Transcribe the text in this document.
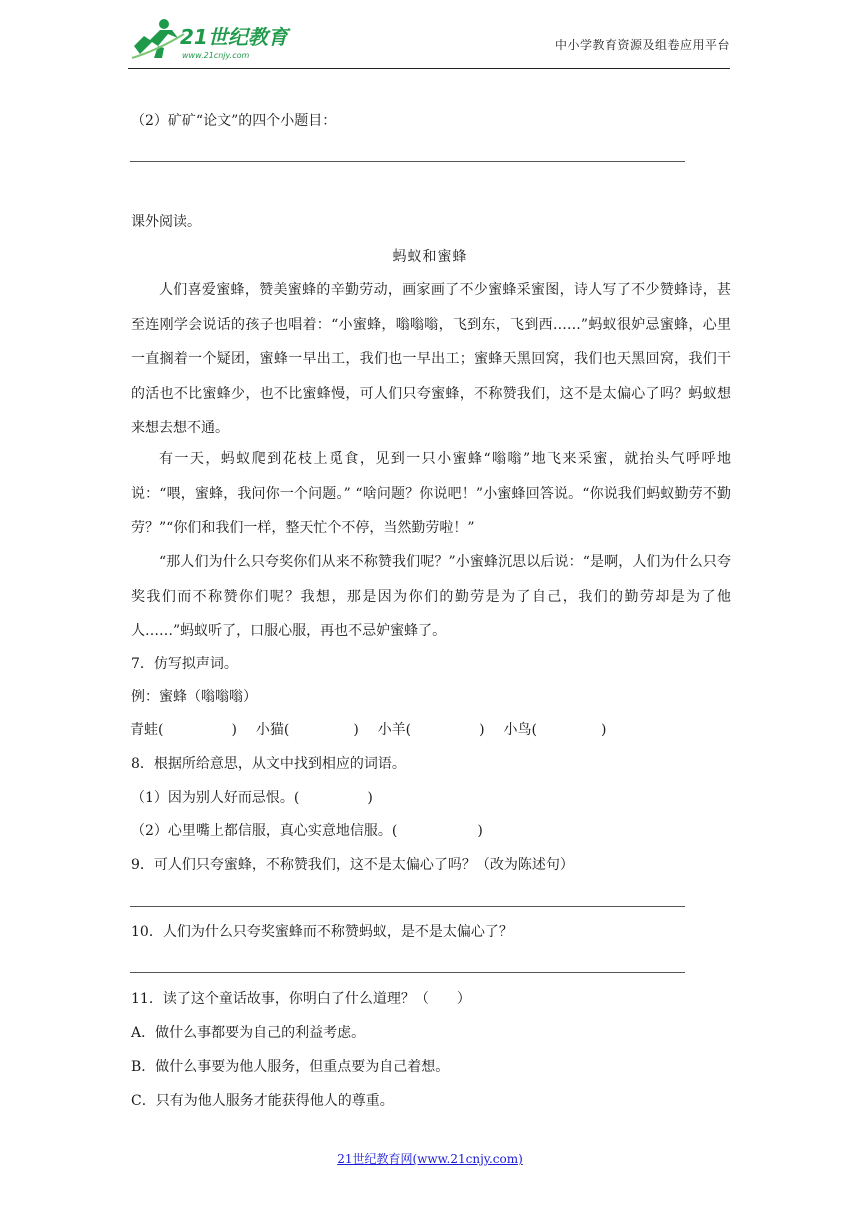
21世纪教育
www.21cnjy.com
中小学教育资源及组卷应用平台
（2）矿矿“论文”的四个小题目：
课外阅读。
蚂蚁和蜜蜂

人们喜爱蜜蜂，赞美蜜蜂的辛勤劳动，画家画了不少蜜蜂采蜜图，诗人写了不少赞蜂诗，甚至连刚学会说话的孩子也唱着：“小蜜蜂，嗡嗡嗡，飞到东，飞到西……”蚂蚁很妒忌蜜蜂，心里一直搁着一个疑团，蜜蜂一早出工，我们也一早出工；蜜蜂天黑回窝，我们也天黑回窝，我们干的活也不比蜜蜂少，也不比蜜蜂慢，可人们只夸蜜蜂，不称赞我们，这不是太偏心了吗？蚂蚁想来想去想不通。

有一天，蚂蚁爬到花枝上觅食，见到一只小蜜蜂“嗡嗡”地飞来采蜜，就抬头气呼呼地说：“喂，蜜蜂，我问你一个问题。” “啥问题？你说吧！”小蜜蜂回答说。“你说我们蚂蚁勤劳不勤劳？”“你们和我们一样，整天忙个不停，当然勤劳啦！”

“那人们为什么只夸奖你们从来不称赞我们呢？”小蜜蜂沉思以后说：“是啊，人们为什么只夸奖我们而不称赞你们呢？我想，那是因为你们的勤劳是为了自己，我们的勤劳却是为了他人……”蚂蚁听了，口服心服，再也不忌妒蜜蜂了。

7．仿写拟声词。
例：蜜蜂（嗡嗡嗡）
青蛙(	) 小猫(	) 小羊(	) 小鸟(	)
8．根据所给意思，从文中找到相应的词语。
（1）因为别人好而忌恨。(	)
（2）心里嘴上都信服，真心实意地信服。(	)
9．可人们只夸蜜蜂，不称赞我们，这不是太偏心了吗？（改为陈述句）
10．人们为什么只夸奖蜜蜂而不称赞蚂蚁，是不是太偏心了？
11．读了这个童话故事，你明白了什么道理？（　　）
A．做什么事都要为自己的利益考虑。
B．做什么事要为他人服务，但重点要为自己着想。
C．只有为他人服务才能获得他人的尊重。
21世纪教育网(www.21cnjy.com)
